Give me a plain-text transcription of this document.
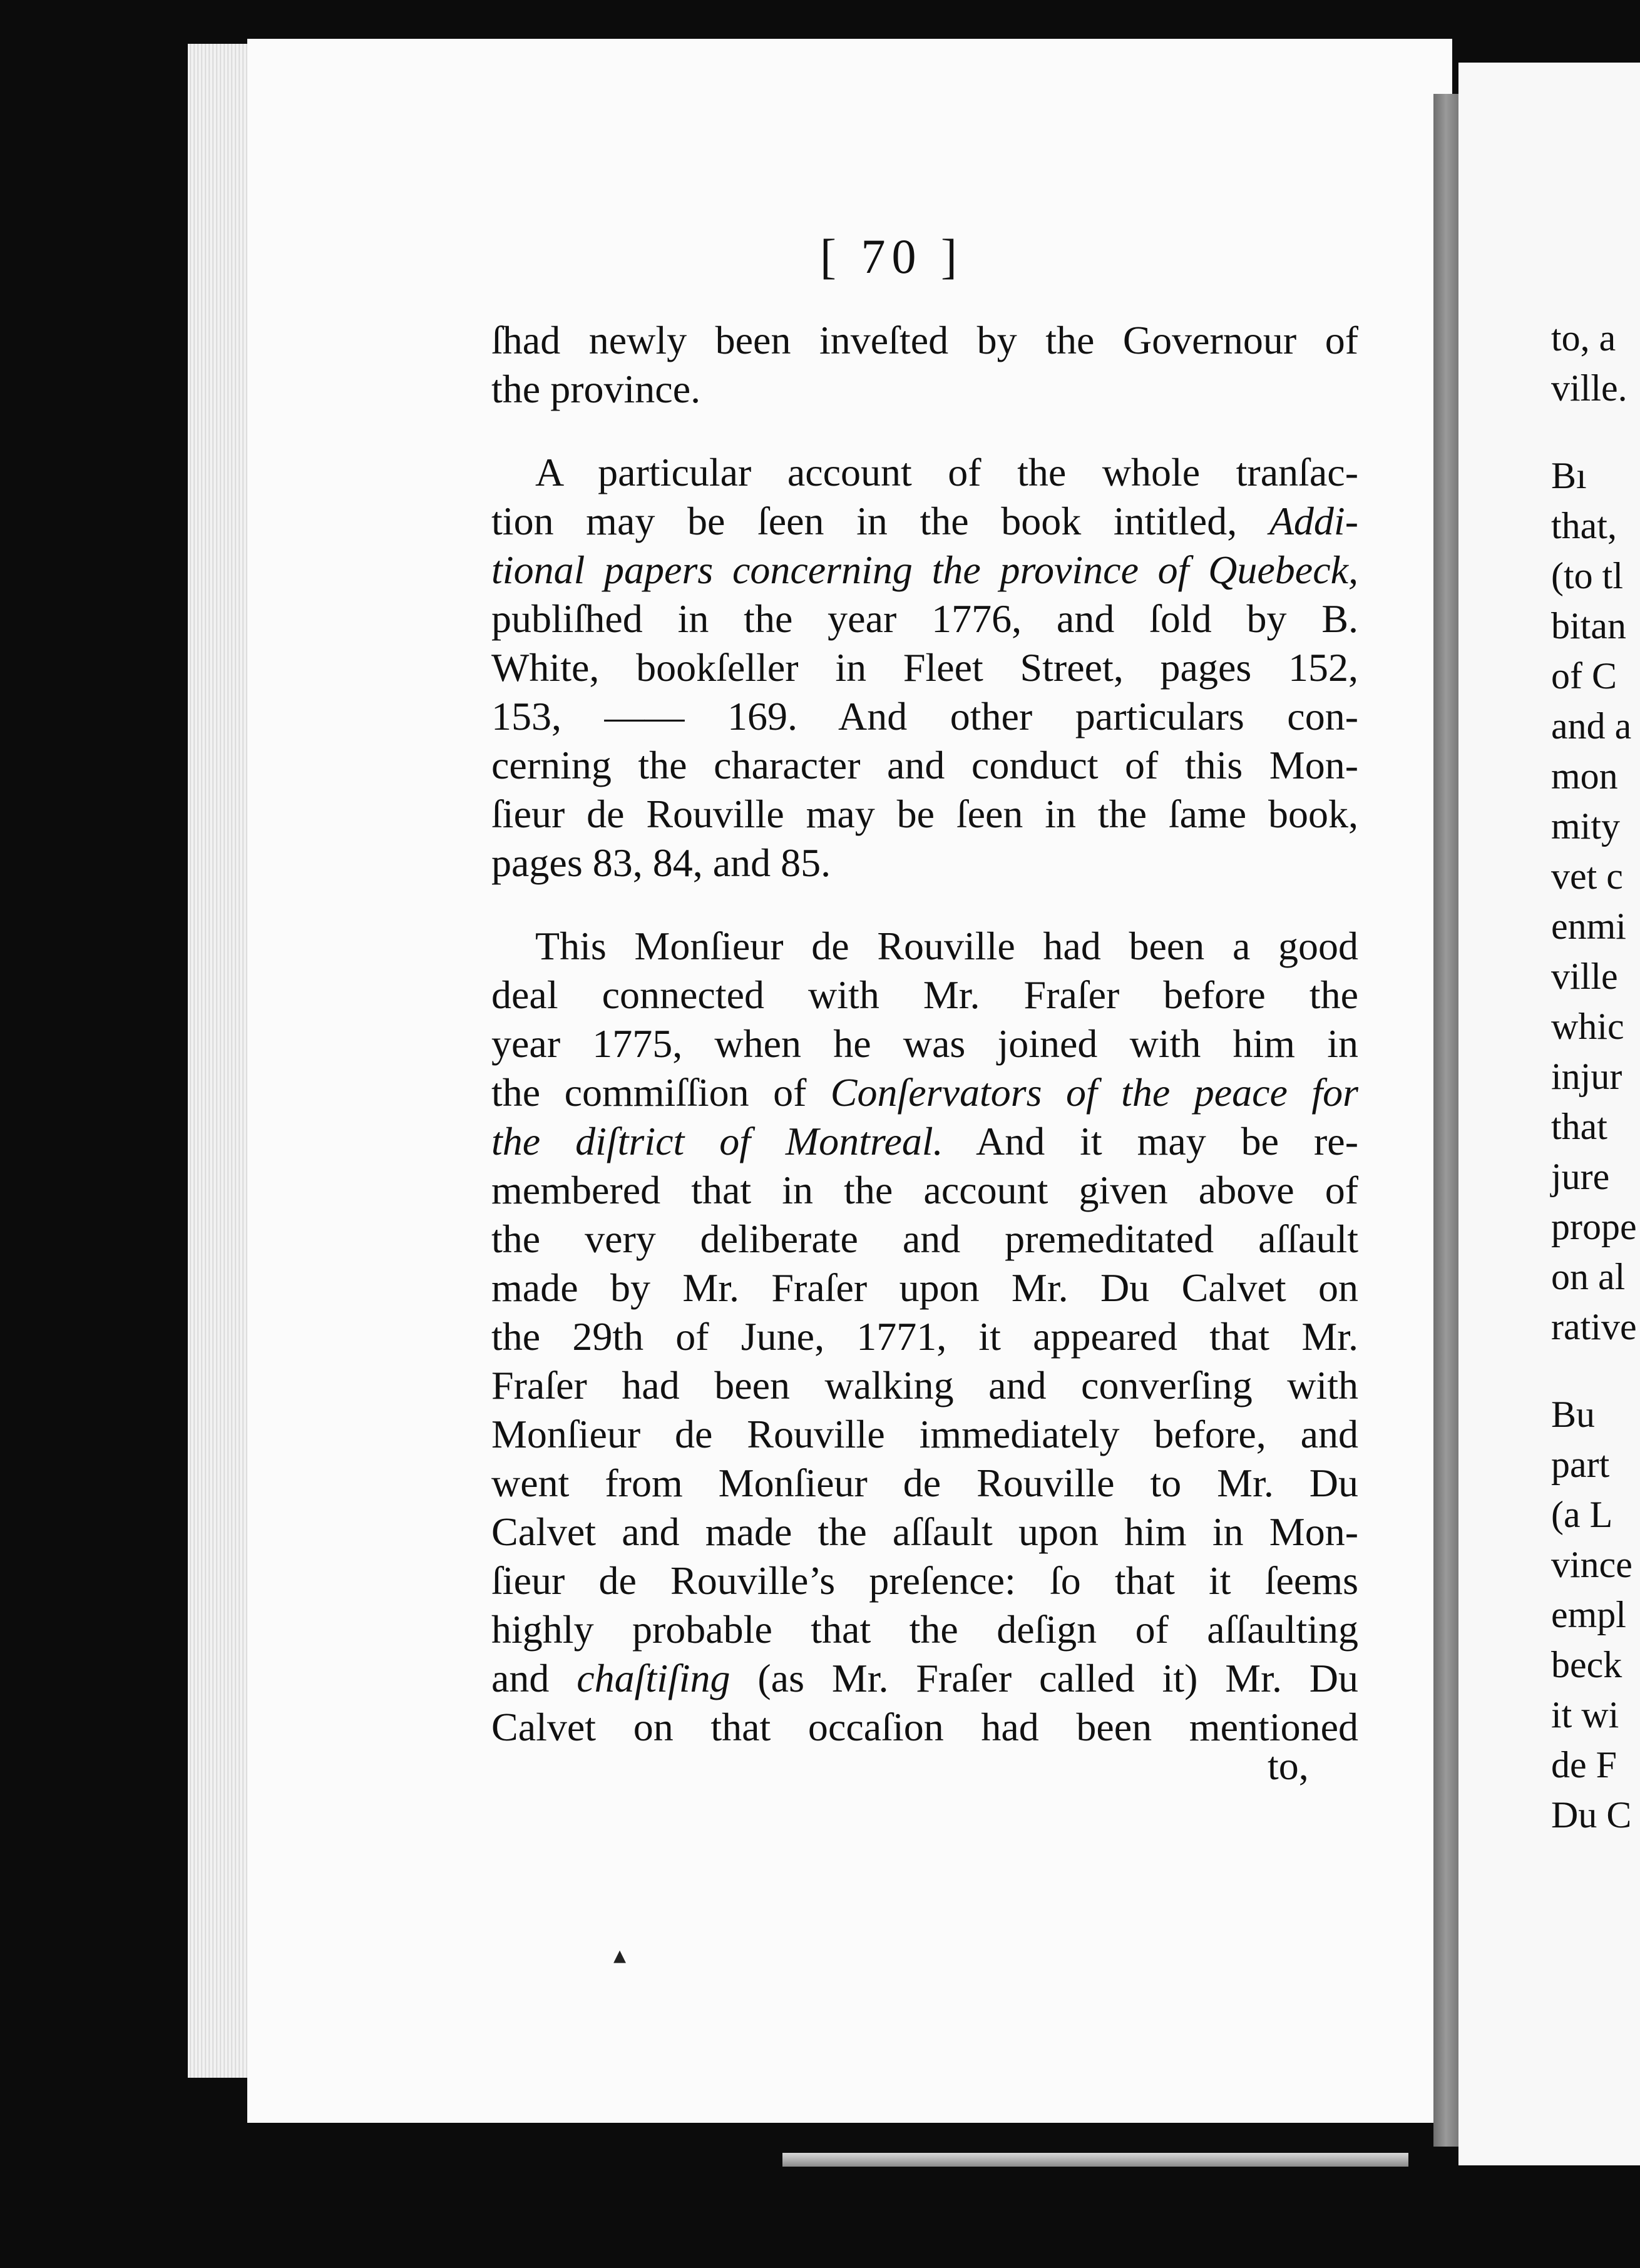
[ 70 ]
ſhad newly been inveſted by the Governour of
the province.
A particular account of the whole tranſac-
tion may be ſeen in the book intitled, Addi-
tional papers concerning the province of Quebeck,
publiſhed in the year 1776, and ſold by B.
White, bookſeller in Fleet Street, pages 152,
153, —— 169. And other particulars con-
cerning the character and conduct of this Mon-
ſieur de Rouville may be ſeen in the ſame book,
pages 83, 84, and 85.
This Monſieur de Rouville had been a good
deal connected with Mr. Fraſer before the
year 1775, when he was joined with him in
the commiſſion of Conſervators of the peace for
the diſtrict of Montreal. And it may be re-
membered that in the account given above of
the very deliberate and premeditated aſſault
made by Mr. Fraſer upon Mr. Du Calvet on
the 29th of June, 1771, it appeared that Mr.
Fraſer had been walking and converſing with
Monſieur de Rouville immediately before, and
went from Monſieur de Rouville to Mr. Du
Calvet and made the aſſault upon him in Mon-
ſieur de Rouville’s preſence: ſo that it ſeems
highly probable that the deſign of aſſaulting
and chaſtiſing (as Mr. Fraſer called it) Mr. Du
Calvet on that occaſion had been mentioned
to,
to, a
ville.
Bı
that,
(to tl
bitan
of C
and a
mon
mity
vet c
enmi
ville
whic
injur
that
jure
prope
on al
rative
Bu
part
(a L
vince
empl
beck
it wi
de F
Du C
▴
